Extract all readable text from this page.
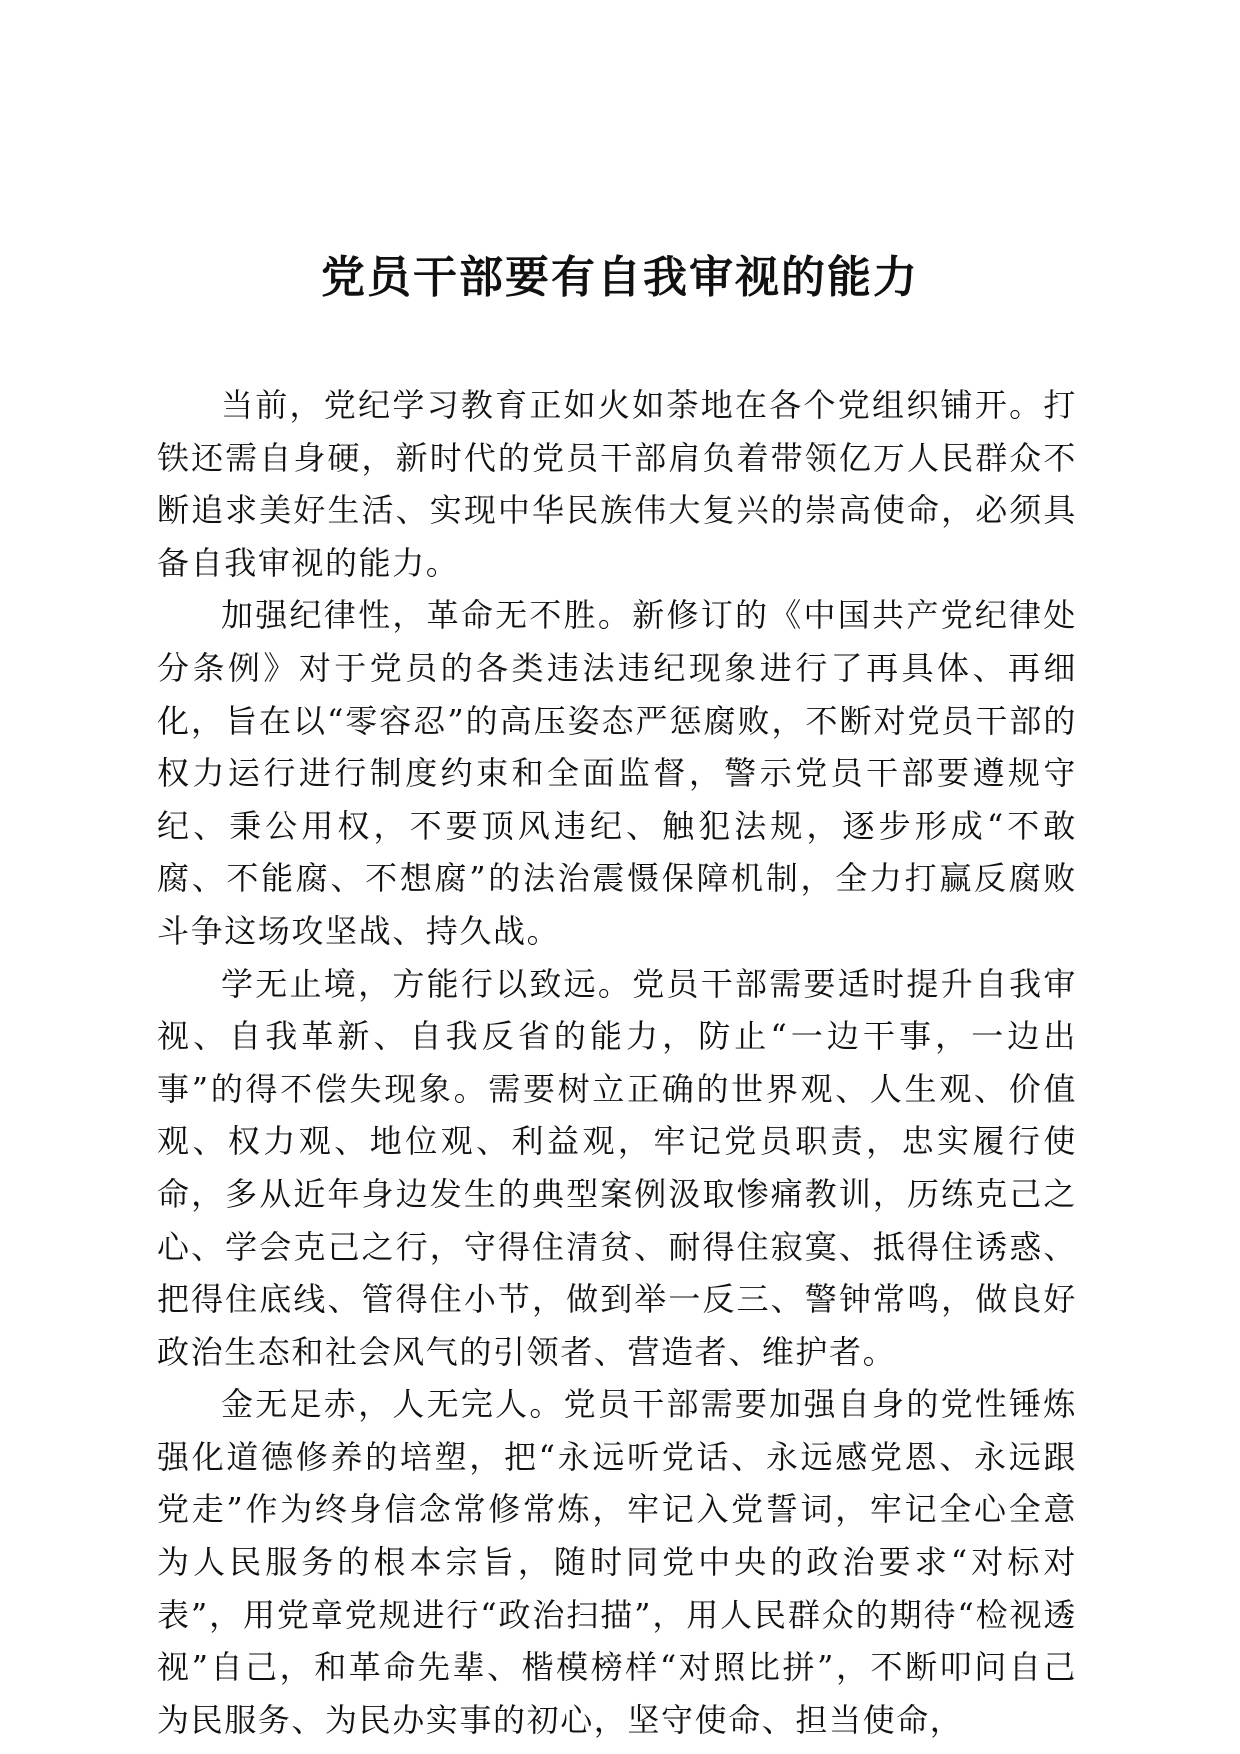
党员干部要有自我审视的能力

当前，党纪学习教育正如火如荼地在各个党组织铺开。打铁还需自身硬，新时代的党员干部肩负着带领亿万人民群众不断追求美好生活、实现中华民族伟大复兴的崇高使命，必须具备自我审视的能力。

加强纪律性，革命无不胜。新修订的《中国共产党纪律处分条例》对于党员的各类违法违纪现象进行了再具体、再细化，旨在以“零容忍”的高压姿态严惩腐败，不断对党员干部的权力运行进行制度约束和全面监督，警示党员干部要遵规守纪、秉公用权，不要顶风违纪、触犯法规，逐步形成“不敢腐、不能腐、不想腐”的法治震慑保障机制，全力打赢反腐败斗争这场攻坚战、持久战。

学无止境，方能行以致远。党员干部需要适时提升自我审视、自我革新、自我反省的能力，防止“一边干事，一边出事”的得不偿失现象。需要树立正确的世界观、人生观、价值观、权力观、地位观、利益观，牢记党员职责，忠实履行使命，多从近年身边发生的典型案例汲取惨痛教训，历练克己之心、学会克己之行，守得住清贫、耐得住寂寞、抵得住诱惑、把得住底线、管得住小节，做到举一反三、警钟常鸣，做良好政治生态和社会风气的引领者、营造者、维护者。

金无足赤，人无完人。党员干部需要加强自身的党性锤炼强化道德修养的培塑，把“永远听党话、永远感党恩、永远跟党走”作为终身信念常修常炼，牢记入党誓词，牢记全心全意为人民服务的根本宗旨，随时同党中央的政治要求“对标对表”，用党章党规进行“政治扫描”，用人民群众的期待“检视透视”自己，和革命先辈、楷模榜样“对照比拼”，不断叩问自己为民服务、为民办实事的初心，坚守使命、担当使命，
